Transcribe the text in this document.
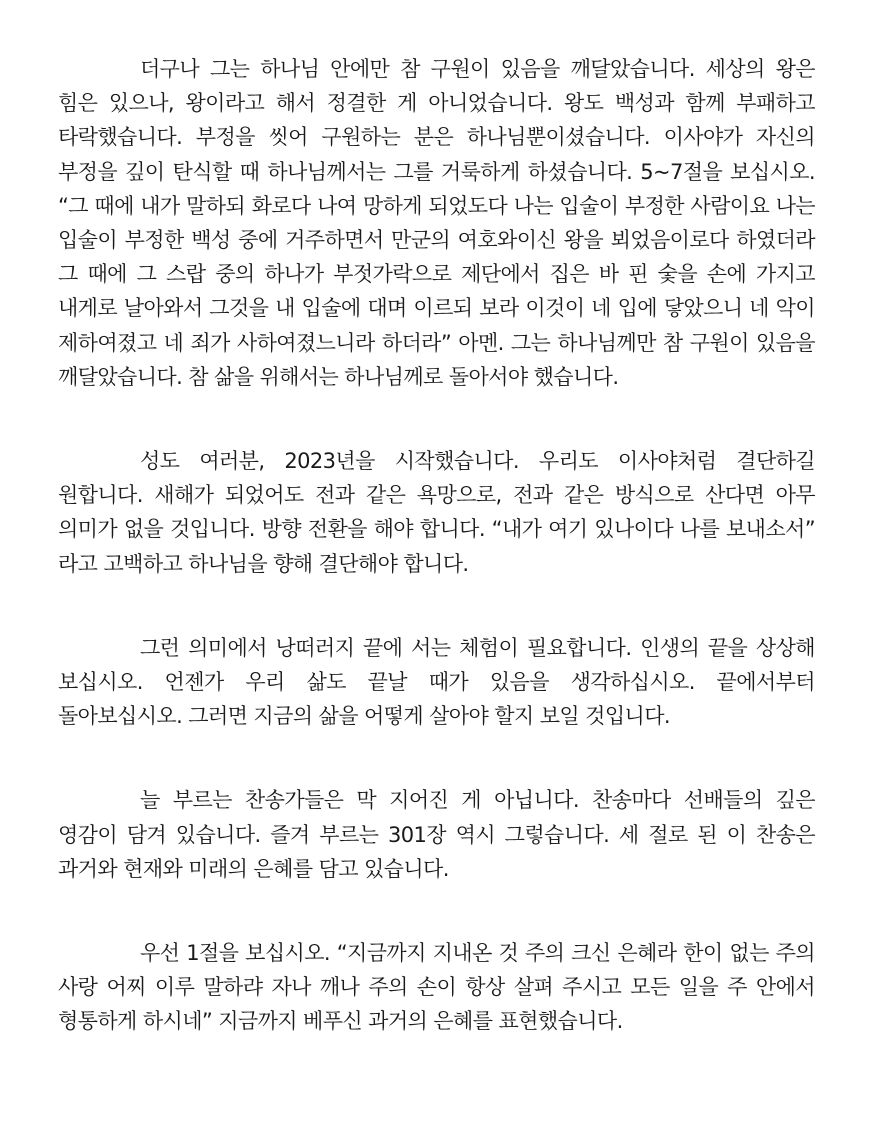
더구나 그는 하나님 안에만 참 구원이 있음을 깨달았습니다. 세상의 왕은 힘은 있으나, 왕이라고 해서 정결한 게 아니었습니다. 왕도 백성과 함께 부패하고 타락했습니다. 부정을 씻어 구원하는 분은 하나님뿐이셨습니다. 이사야가 자신의 부정을 깊이 탄식할 때 하나님께서는 그를 거룩하게 하셨습니다. 5~7절을 보십시오. “그 때에 내가 말하되 화로다 나여 망하게 되었도다 나는 입술이 부정한 사람이요 나는 입술이 부정한 백성 중에 거주하면서 만군의 여호와이신 왕을 뵈었음이로다 하였더라 그 때에 그 스랍 중의 하나가 부젓가락으로 제단에서 집은 바 핀 숯을 손에 가지고 내게로 날아와서 그것을 내 입술에 대며 이르되 보라 이것이 네 입에 닿았으니 네 악이 제하여졌고 네 죄가 사하여졌느니라 하더라” 아멘. 그는 하나님께만 참 구원이 있음을 깨달았습니다. 참 삶을 위해서는 하나님께로 돌아서야 했습니다.

성도 여러분, 2023년을 시작했습니다. 우리도 이사야처럼 결단하길 원합니다. 새해가 되었어도 전과 같은 욕망으로, 전과 같은 방식으로 산다면 아무 의미가 없을 것입니다. 방향 전환을 해야 합니다. “내가 여기 있나이다 나를 보내소서” 라고 고백하고 하나님을 향해 결단해야 합니다.

그런 의미에서 낭떠러지 끝에 서는 체험이 필요합니다. 인생의 끝을 상상해 보십시오. 언젠가 우리 삶도 끝날 때가 있음을 생각하십시오. 끝에서부터 돌아보십시오. 그러면 지금의 삶을 어떻게 살아야 할지 보일 것입니다.

늘 부르는 찬송가들은 막 지어진 게 아닙니다. 찬송마다 선배들의 깊은 영감이 담겨 있습니다. 즐겨 부르는 301장 역시 그렇습니다. 세 절로 된 이 찬송은 과거와 현재와 미래의 은혜를 담고 있습니다.

우선 1절을 보십시오. “지금까지 지내온 것 주의 크신 은혜라 한이 없는 주의 사랑 어찌 이루 말하랴 자나 깨나 주의 손이 항상 살펴 주시고 모든 일을 주 안에서 형통하게 하시네” 지금까지 베푸신 과거의 은혜를 표현했습니다.
